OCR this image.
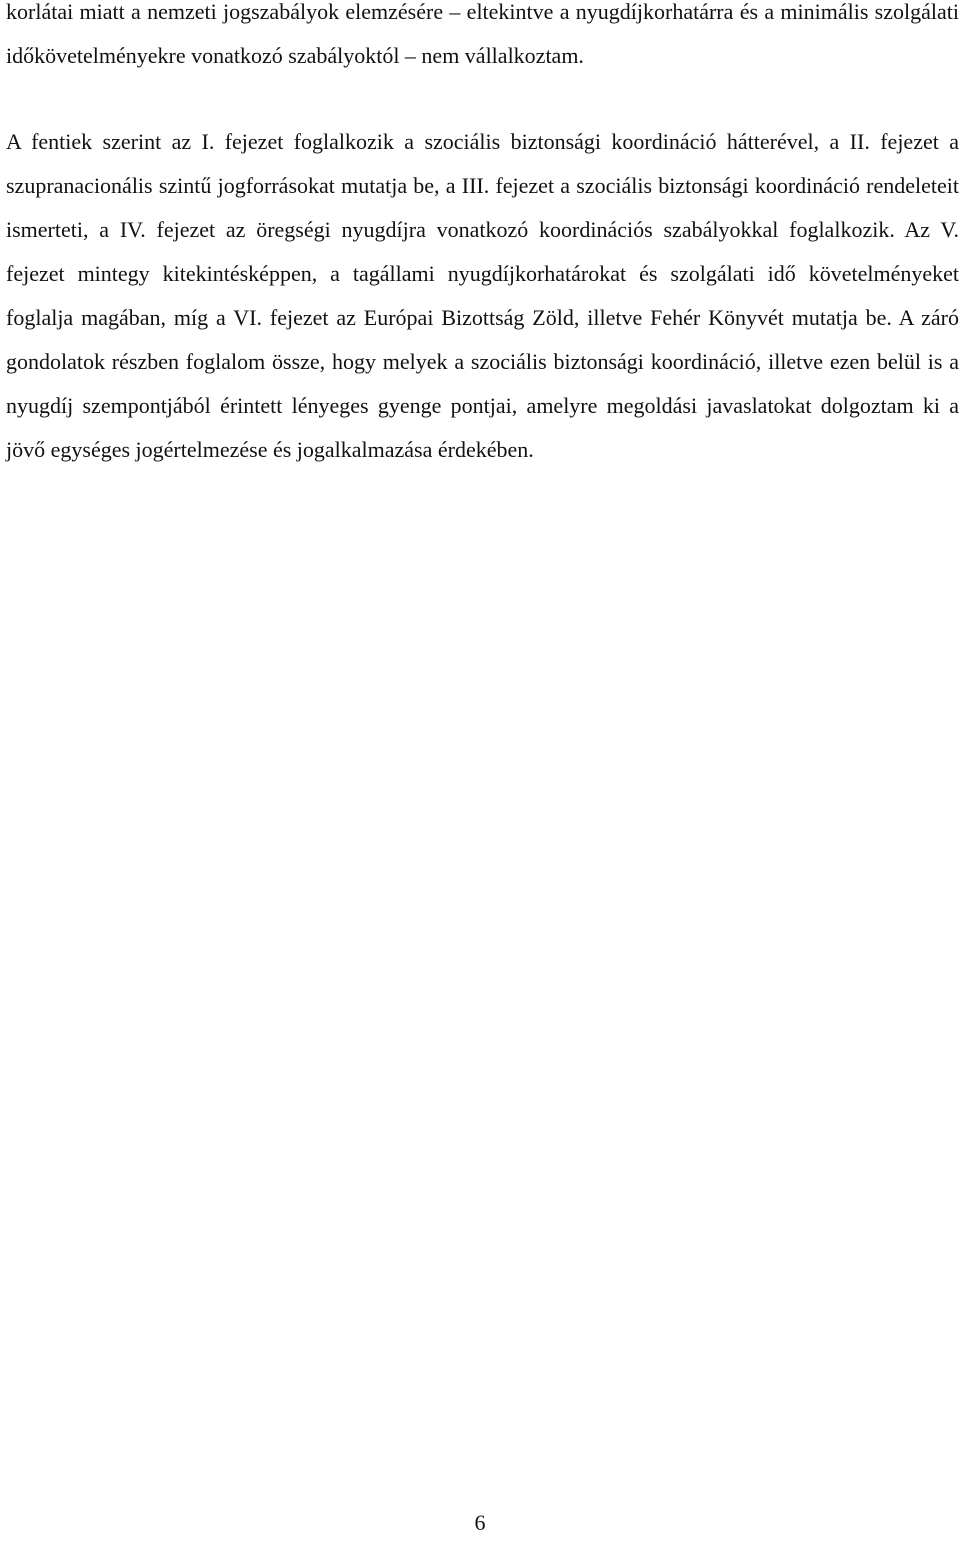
korlátai miatt a nemzeti jogszabályok elemzésére – eltekintve a nyugdíjkorhatárra és a minimális szolgálati időkövetelményekre vonatkozó szabályoktól – nem vállalkoztam.

A fentiek szerint az I. fejezet foglalkozik a szociális biztonsági koordináció hátterével, a II. fejezet a szupranacionális szintű jogforrásokat mutatja be, a III. fejezet a szociális biztonsági koordináció rendeleteit ismerteti, a IV. fejezet az öregségi nyugdíjra vonatkozó koordinációs szabályokkal foglalkozik. Az V. fejezet mintegy kitekintésképpen, a tagállami nyugdíjkorhatárokat és szolgálati idő követelményeket foglalja magában, míg a VI. fejezet az Európai Bizottság Zöld, illetve Fehér Könyvét mutatja be. A záró gondolatok részben foglalom össze, hogy melyek a szociális biztonsági koordináció, illetve ezen belül is a nyugdíj szempontjából érintett lényeges gyenge pontjai, amelyre megoldási javaslatokat dolgoztam ki a jövő egységes jogértelmezése és jogalkalmazása érdekében.

6
